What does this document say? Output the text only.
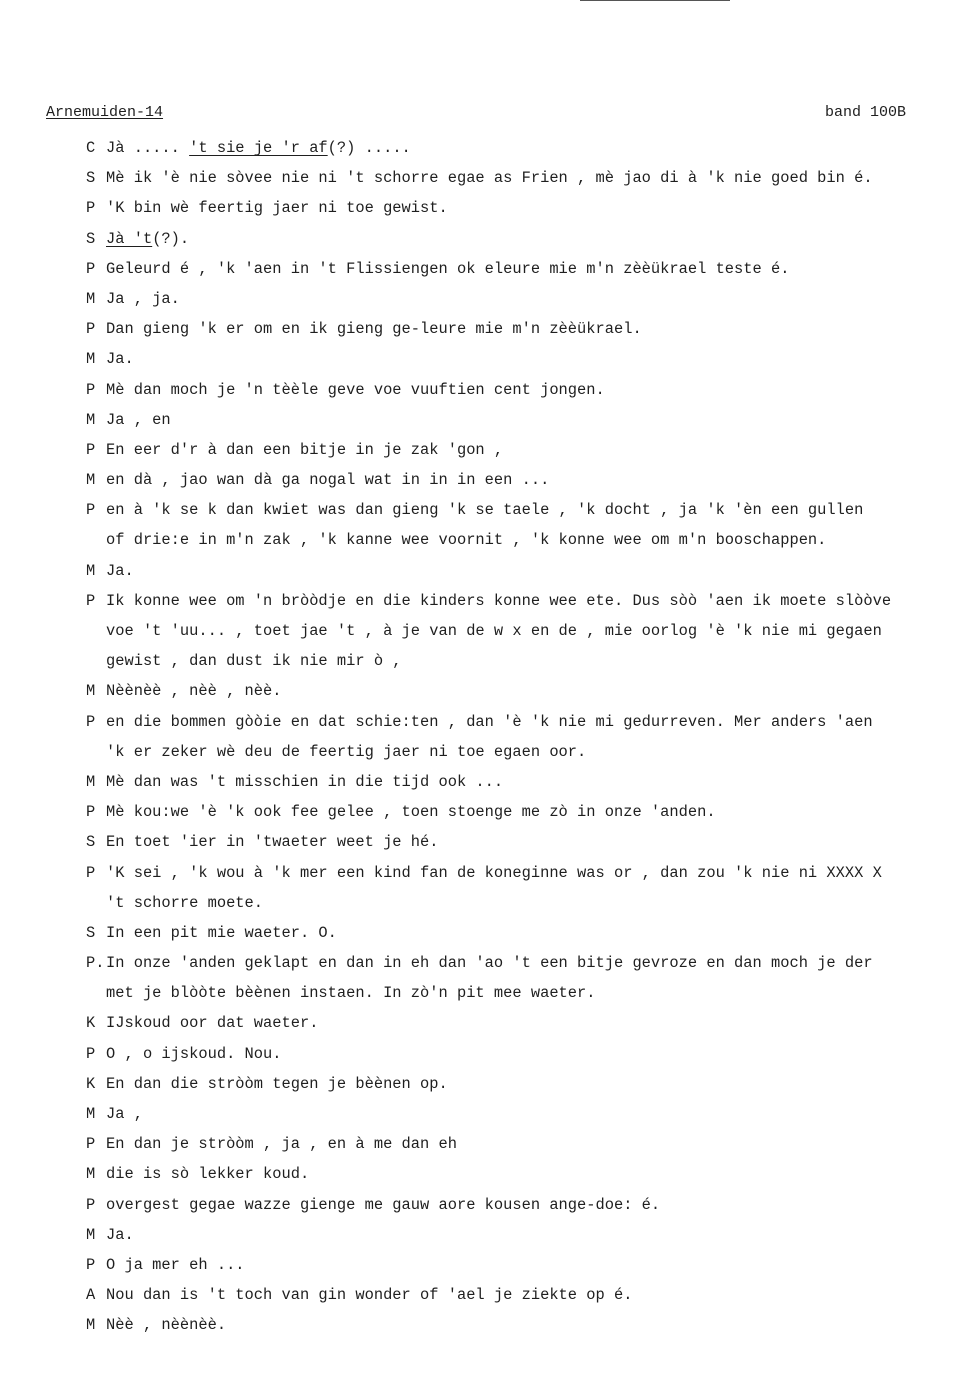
Arnemuiden-14	band 100B
C Jà ..... 't sie je 'r af(?) .....
S Mè ik 'è nie sòvee nie ni 't schorre egae as Frien , mè jao di à 'k nie goed bin é.
P 'K bin wè feertig jaer ni toe gewist.
S Jà 't(?).
P Geleurd é , 'k 'aen in 't Flissiengen ok eleure mie m'n zèèükrael teste é.
M Ja , ja.
P Dan gieng 'k er om en ik gieng ge-leure mie m'n zèèükrael.
M Ja.
P Mè dan moch je 'n tèèle geve voe vuuftien cent jongen.
M Ja , en
P En eer d'r à dan een bitje in je zak 'gon ,
M en dà , jao wan dà ga nogal wat in in in een ...
P en à 'k se k dan kwiet was dan gieng 'k se taele , 'k docht , ja 'k 'èn een gullen
of drie:e in m'n zak , 'k kanne wee voornit , 'k konne wee om m'n booschappen.
M Ja.
P Ik konne wee om 'n bròòdje en die kinders konne wee ete. Dus sòò 'aen ik moete slòòve
voe 't 'uu... , toet jae 't , à je van de w x en de , mie oorlog 'è 'k nie mi gegaen
gewist , dan dust ik nie mir ò ,
M Nèènèè , nèè , nèè.
P en die bommen gòòie en dat schie:ten , dan 'è 'k nie mi gedurreven. Mer anders 'aen
'k er zeker wè deu de feertig jaer ni toe egaen oor.
M Mè dan was 't misschien in die tijd ook ...
P Mè kou:we 'è 'k ook fee gelee , toen stoenge me zò in onze 'anden.
S En toet 'ier in 'twaeter weet je hé.
P 'K sei , 'k wou à 'k mer een kind fan de koneginne was or , dan zou 'k nie ni XXXX X
't schorre moete.
S In een pit mie waeter. O.
P.In onze 'anden geklapt en dan in eh dan 'ao 't een bitje gevroze en dan moch je der
met je blòòte bèènen instaen. In zò'n pit mee waeter.
K IJskoud oor dat waeter.
P O , o ijskoud. Nou.
K En dan die stròòm tegen je bèènen op.
M Ja ,
P En dan je stròòm , ja , en à me dan eh
M die is sò lekker koud.
P overgest gegae wazze gienge me gauw aore kousen ange-doe: é.
M Ja.
P O ja mer eh ...
A Nou dan is 't toch van gin wonder of 'ael je ziekte op é.
M Nèè , nèènèè.
